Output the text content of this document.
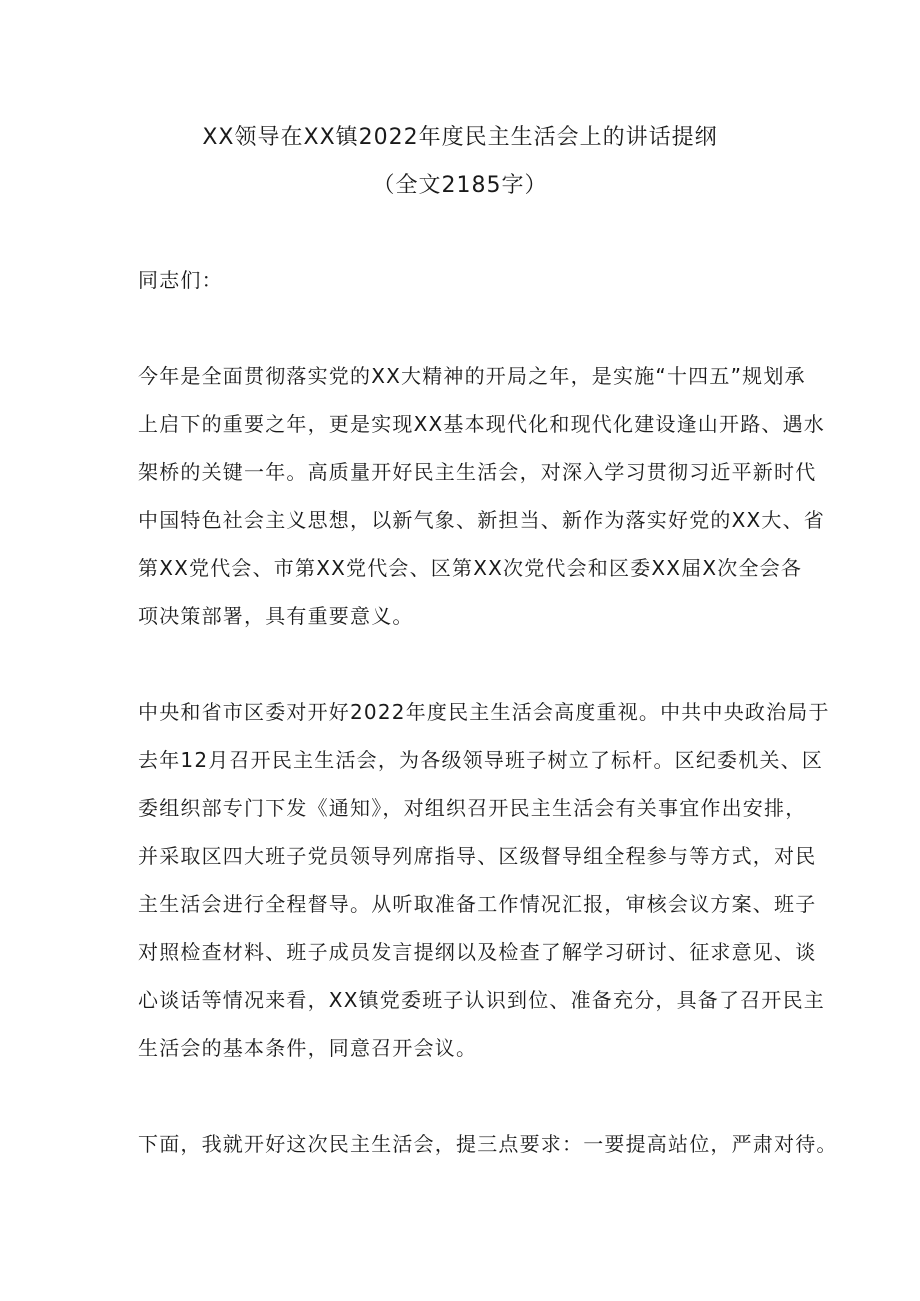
XX领导在XX镇2022年度民主生活会上的讲话提纲
（全文2185字）
同志们：
今年是全面贯彻落实党的XX大精神的开局之年，是实施“十四五”规划承
上启下的重要之年，更是实现XX基本现代化和现代化建设逢山开路、遇水
架桥的关键一年。高质量开好民主生活会，对深入学习贯彻习近平新时代
中国特色社会主义思想，以新气象、新担当、新作为落实好党的XX大、省
第XX党代会、市第XX党代会、区第XX次党代会和区委XX届X次全会各
项决策部署，具有重要意义。
中央和省市区委对开好2022年度民主生活会高度重视。中共中央政治局于
去年12月召开民主生活会，为各级领导班子树立了标杆。区纪委机关、区
委组织部专门下发《通知》，对组织召开民主生活会有关事宜作出安排，
并采取区四大班子党员领导列席指导、区级督导组全程参与等方式，对民
主生活会进行全程督导。从听取准备工作情况汇报，审核会议方案、班子
对照检查材料、班子成员发言提纲以及检查了解学习研讨、征求意见、谈
心谈话等情况来看，XX镇党委班子认识到位、准备充分，具备了召开民主
生活会的基本条件，同意召开会议。
下面，我就开好这次民主生活会，提三点要求：一要提高站位，严肃对待。
